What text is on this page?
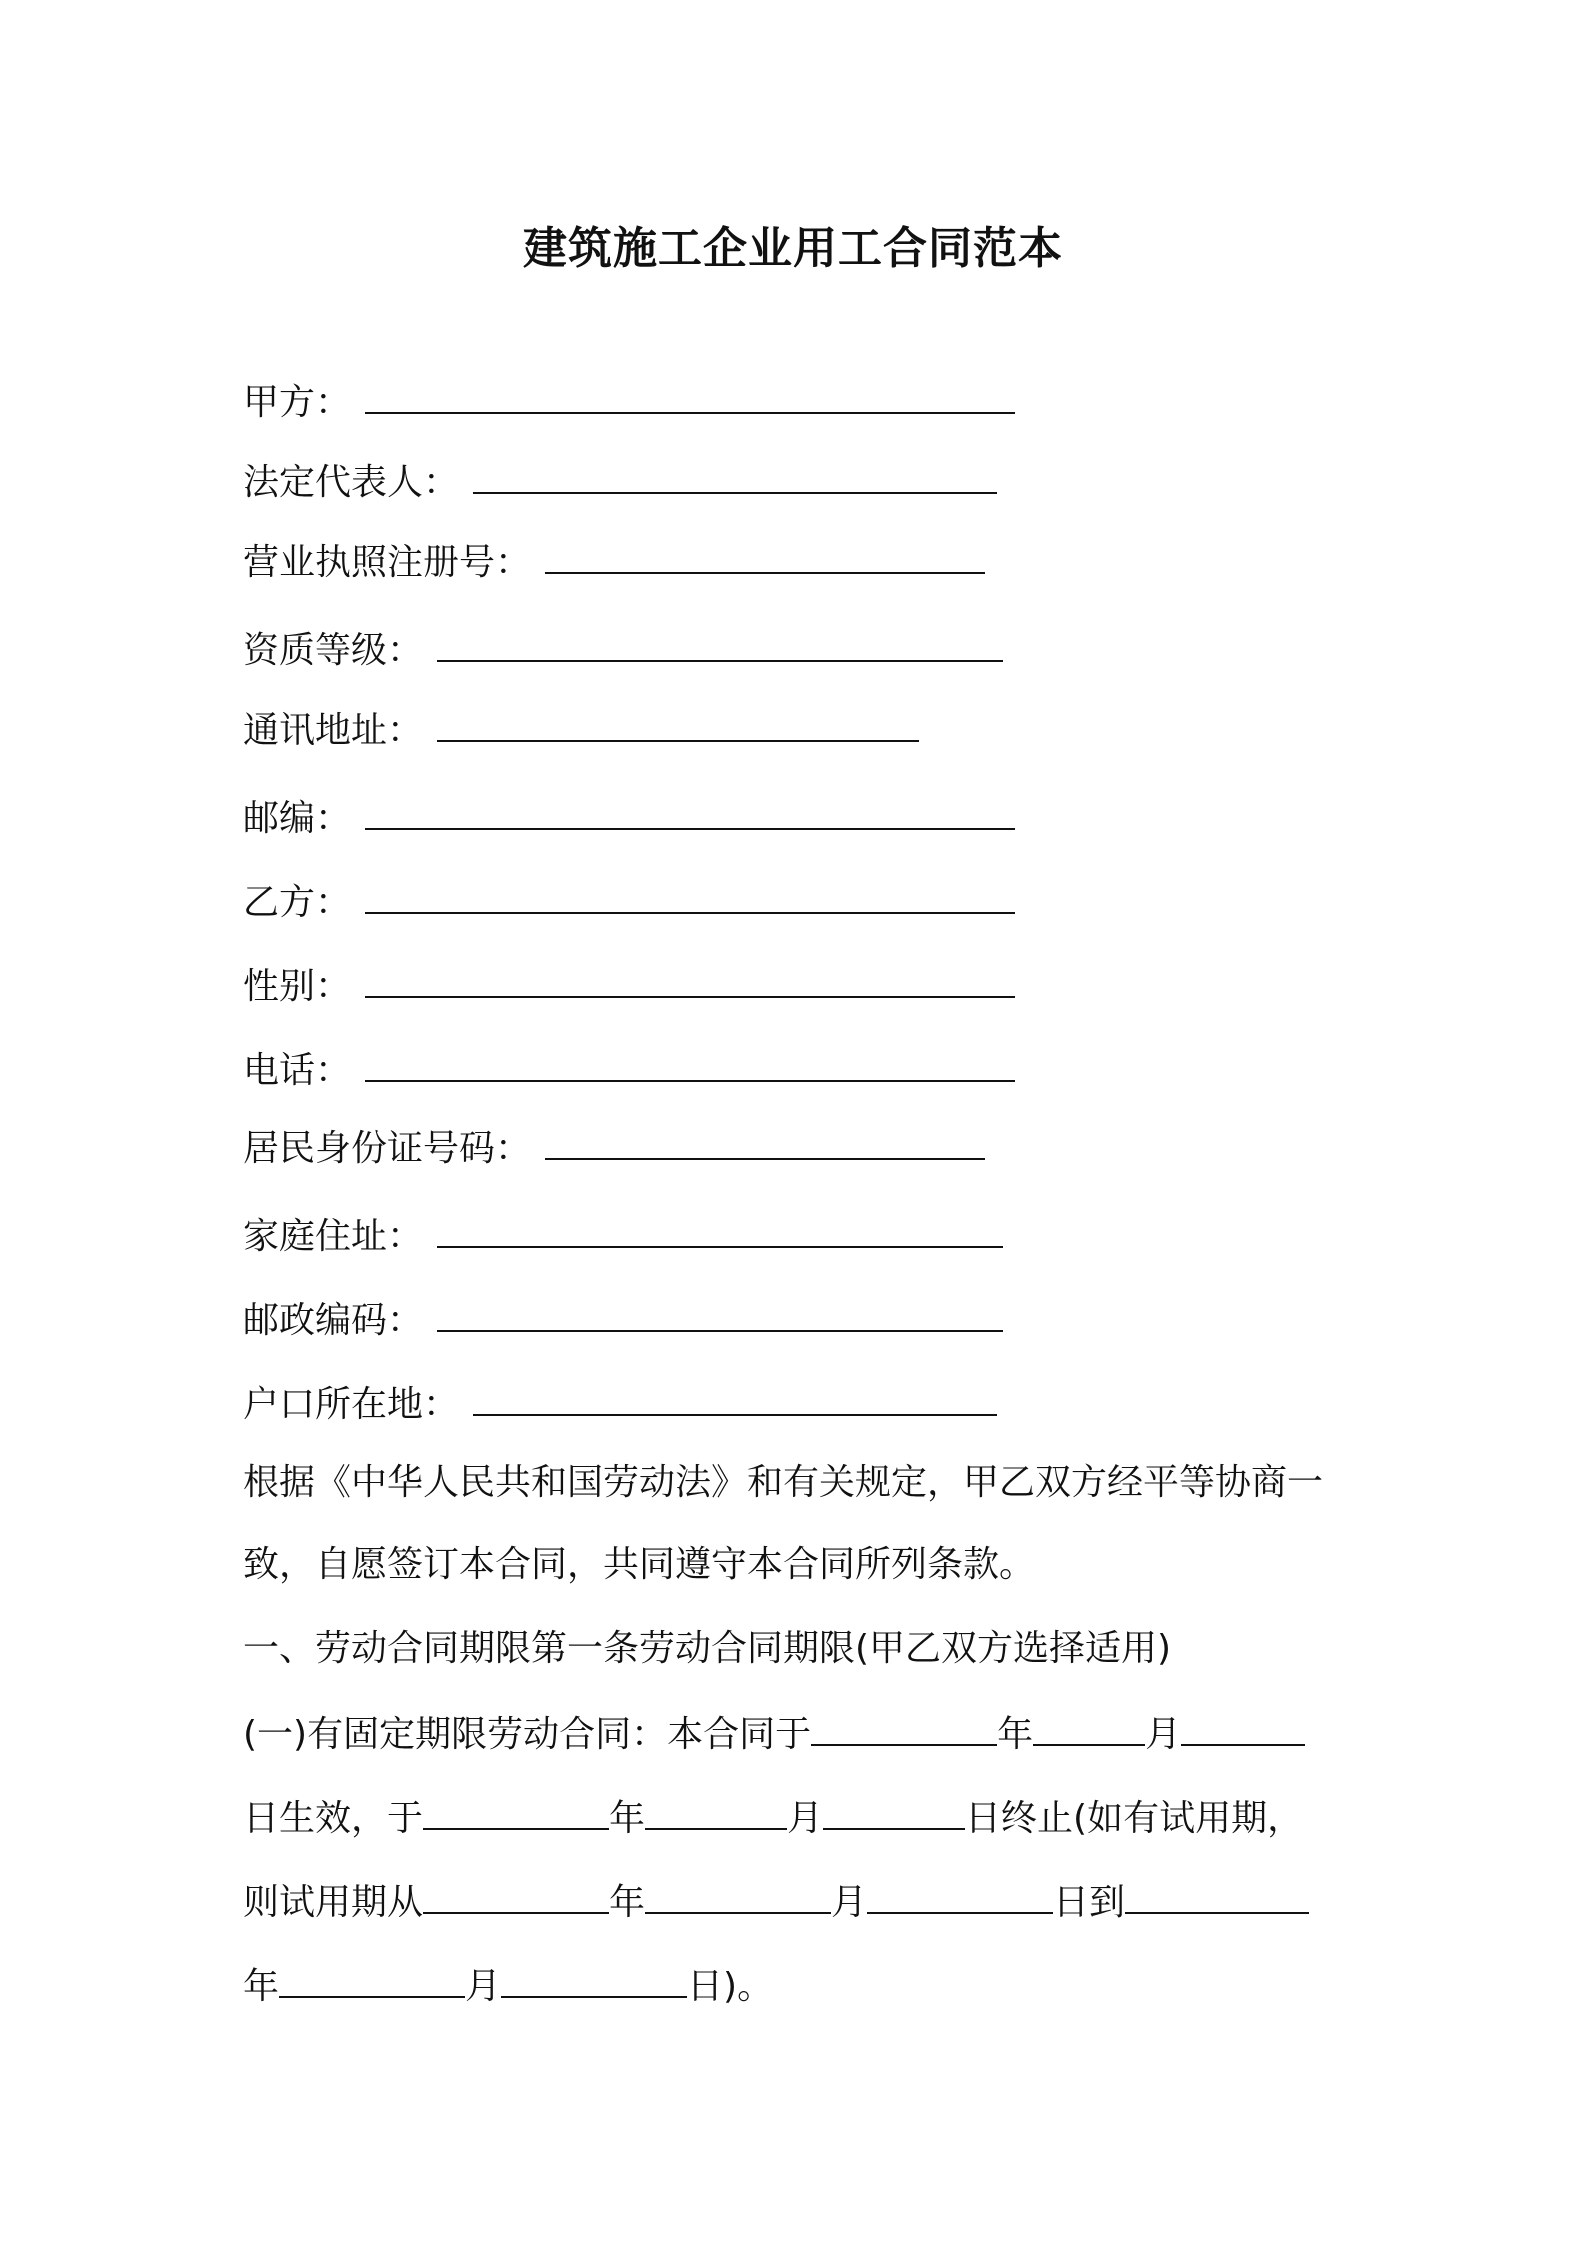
建筑施工企业用工合同范本
甲方：
法定代表人：
营业执照注册号：
资质等级：
通讯地址：
邮编：
乙方：
性别：
电话：
居民身份证号码：
家庭住址：
邮政编码：
户口所在地：
根据《中华人民共和国劳动法》和有关规定，甲乙双方经平等协商一
致，自愿签订本合同，共同遵守本合同所列条款。
一、劳动合同期限第一条劳动合同期限(甲乙双方选择适用)
(一)有固定期限劳动合同：本合同于	年	月
日生效，于	年	月	日终止(如有试用期，
则试用期从	年	月	日到
年	月	日)。
